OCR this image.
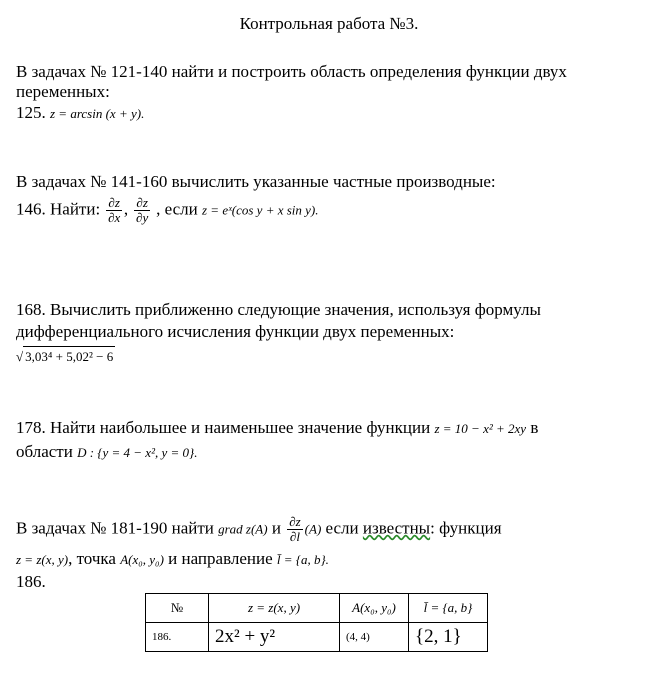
Контрольная работа №3.
В задачах № 121-140 найти и построить область определения функции двух
переменных:
125. z = arcsin (x + y).
В задачах № 141-160 вычислить указанные частные производные:
146. Найти: $\frac{\partial z}{\partial x}$ , $\frac{\partial z}{\partial y}$ , если z = eˣ(cos y + x sin y).
168. Вычислить приближенно следующие значения, используя формулы
дифференциального исчисления функции двух переменных:
√ 3,03⁴ + 5,02² − 6
178. Найти наибольшее и наименьшее значение функции z = 10 − x² + 2xy в
области D : {y = 4 − x², y = 0}.
В задачах № 181-190 найти grad z(A) и $\frac{\partial z}{\partial l} (A)$ если известны: функция
z = z(x, y), точка A(x₀, y₀) и направление l̄ = {a, b}.
186.
№	z = z(x, y)	A(x₀, y₀)	l̄ = {a, b}
186.	2x² + y²	(4, 4)	{2, 1}
